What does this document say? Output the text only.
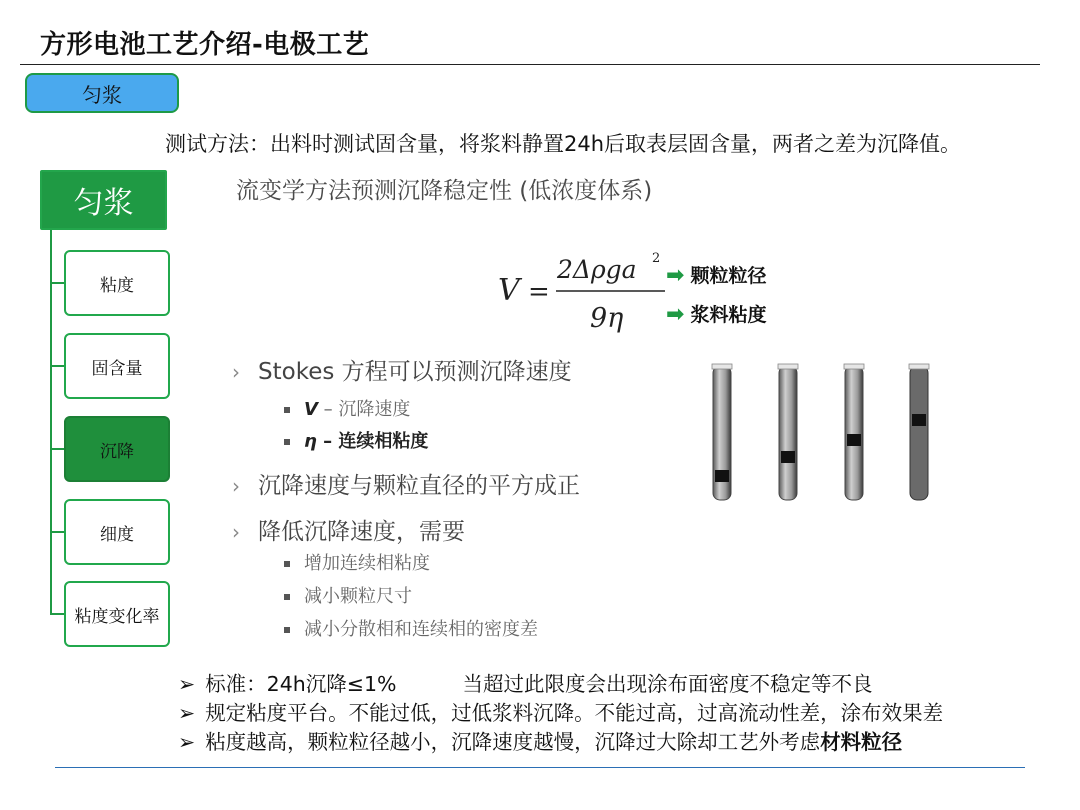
方形电池工艺介绍-电极工艺
匀浆
测试方法：出料时测试固含量，将浆料静置24h后取表层固含量，两者之差为沉降值。
匀浆
粘度
固含量
沉降
细度
粘度变化率
流变学方法预测沉降稳定性 (低浓度体系)
V =
2Δρga 2
9η
➡ 颗粒粒径
➡ 浆料粘度
› Stokes 方程可以预测沉降速度
V – 沉降速度
η – 连续相粘度
› 沉降速度与颗粒直径的平方成正
› 降低沉降速度，需要
增加连续相粘度
减小颗粒尺寸
减小分散相和连续相的密度差
➢ 标准：24h沉降≤1%	当超过此限度会出现涂布面密度不稳定等不良
➢ 规定粘度平台。不能过低，过低浆料沉降。不能过高，过高流动性差，涂布效果差
➢ 粘度越高，颗粒粒径越小，沉降速度越慢，沉降过大除却工艺外考虑材料粒径
